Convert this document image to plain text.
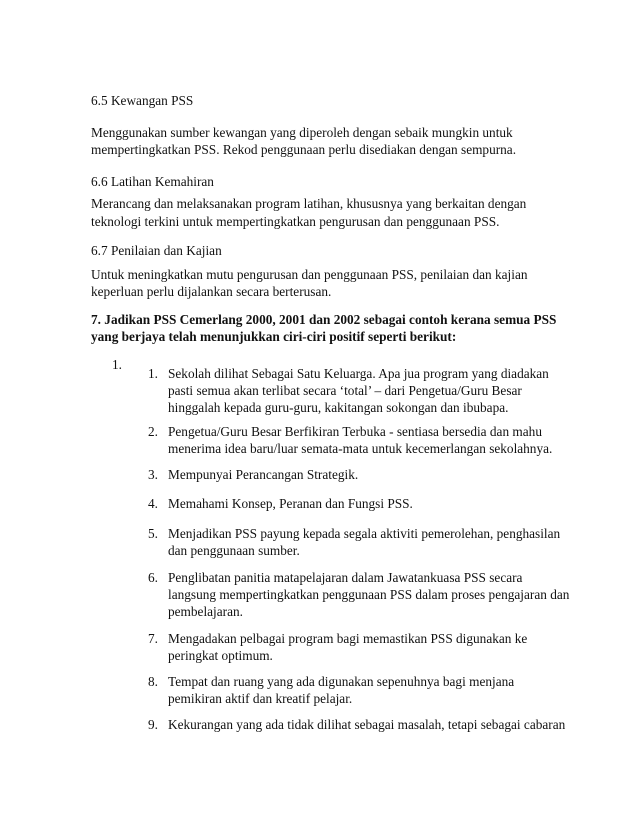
6.5 Kewangan PSS
Menggunakan sumber kewangan yang diperoleh dengan sebaik mungkin untuk
mempertingkatkan PSS. Rekod penggunaan perlu disediakan dengan sempurna.
6.6 Latihan Kemahiran
Merancang dan melaksanakan program latihan, khususnya yang berkaitan dengan
teknologi terkini untuk mempertingkatkan pengurusan dan penggunaan PSS.
6.7 Penilaian dan Kajian
Untuk meningkatkan mutu pengurusan dan penggunaan PSS, penilaian dan kajian
keperluan perlu dijalankan secara berterusan.
7. Jadikan PSS Cemerlang 2000, 2001 dan 2002 sebagai contoh kerana semua PSS
yang berjaya telah menunjukkan ciri-ciri positif seperti berikut:
1.
1. Sekolah dilihat Sebagai Satu Keluarga. Apa jua program yang diadakan
pasti semua akan terlibat secara ‘total’ – dari Pengetua/Guru Besar
hinggalah kepada guru-guru, kakitangan sokongan dan ibubapa.
2. Pengetua/Guru Besar Berfikiran Terbuka - sentiasa bersedia dan mahu
menerima idea baru/luar semata-mata untuk kecemerlangan sekolahnya.
3. Mempunyai Perancangan Strategik.
4. Memahami Konsep, Peranan dan Fungsi PSS.
5. Menjadikan PSS payung kepada segala aktiviti pemerolehan, penghasilan
dan penggunaan sumber.
6. Penglibatan panitia matapelajaran dalam Jawatankuasa PSS secara
langsung mempertingkatkan penggunaan PSS dalam proses pengajaran dan
pembelajaran.
7. Mengadakan pelbagai program bagi memastikan PSS digunakan ke
peringkat optimum.
8. Tempat dan ruang yang ada digunakan sepenuhnya bagi menjana
pemikiran aktif dan kreatif pelajar.
9. Kekurangan yang ada tidak dilihat sebagai masalah, tetapi sebagai cabaran
